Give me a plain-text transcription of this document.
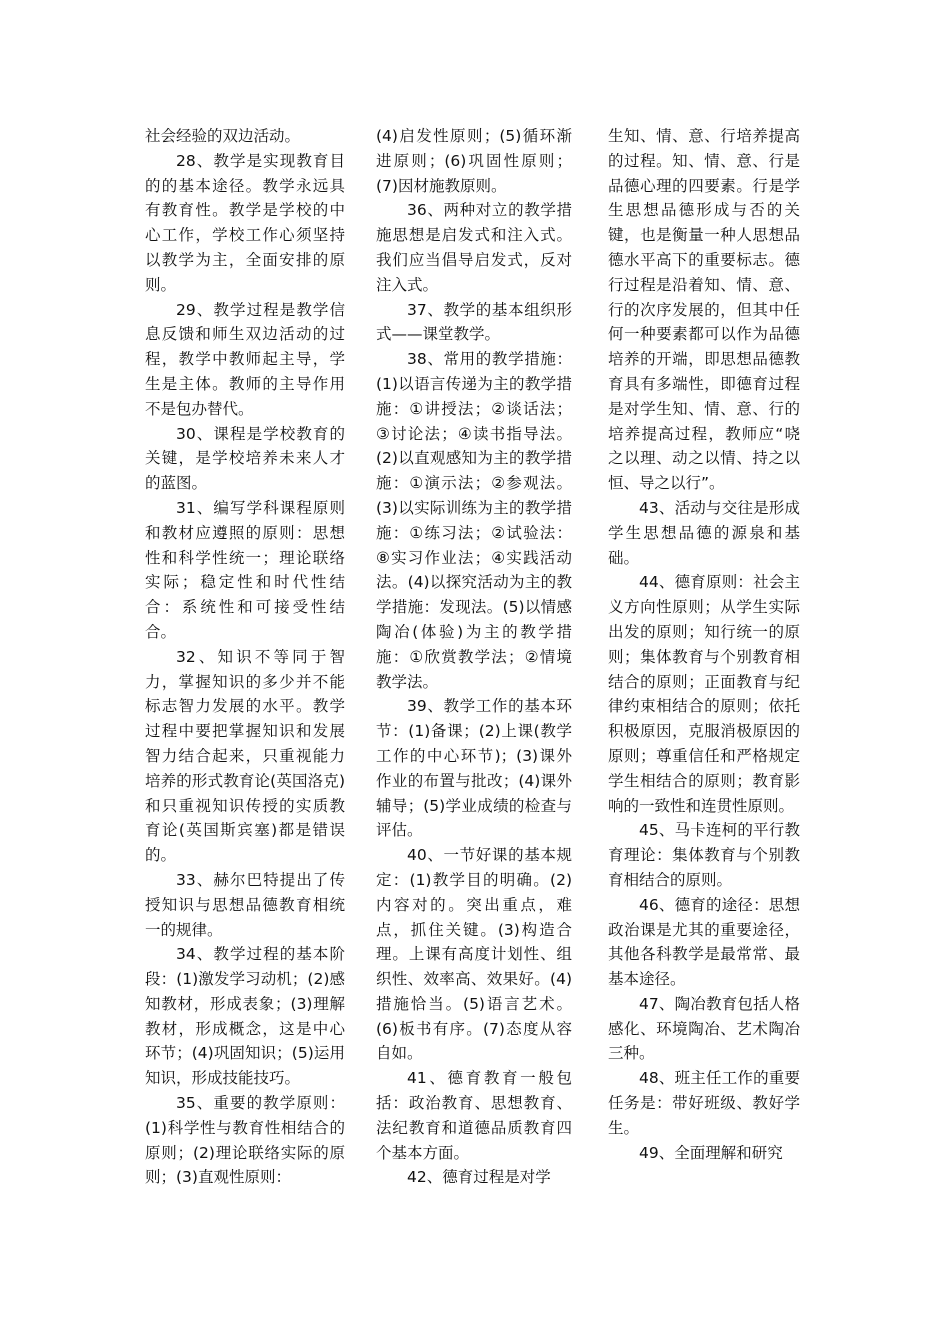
社会经验的双边活动。

28、教学是实现教育目的的基本途径。教学永远具有教育性。教学是学校的中心工作，学校工作心须坚持以教学为主，全面安排的原则。

29、教学过程是教学信息反馈和师生双边活动的过程，教学中教师起主导，学生是主体。教师的主导作用不是包办替代。

30、课程是学校教育的关键，是学校培养未来人才的蓝图。

31、编写学科课程原则和教材应遵照的原则：思想性和科学性统一；理论联络实际；稳定性和时代性结合：系统性和可接受性结合。

32、知识不等同于智力，掌握知识的多少并不能标志智力发展的水平。教学过程中要把掌握知识和发展智力结合起来，只重视能力培养的形式教育论(英国洛克)和只重视知识传授的实质教育论(英国斯宾塞)都是错误的。

33、赫尔巴特提出了传授知识与思想品德教育相统一的规律。

34、教学过程的基本阶段：(1)激发学习动机；(2)感知教材，形成表象；(3)理解教材，形成概念，这是中心环节；(4)巩固知识；(5)运用知识，形成技能技巧。

35、重要的教学原则：(1)科学性与教育性相结合的原则；(2)理论联络实际的原则；(3)直观性原则：

(4)启发性原则；(5)循环渐进原则；(6)巩固性原则；(7)因材施教原则。

36、两种对立的教学措施思想是启发式和注入式。我们应当倡导启发式，反对注入式。

37、教学的基本组织形式——课堂教学。

38、常用的教学措施：(1)以语言传递为主的教学措施：①讲授法；②谈话法；③讨论法；④读书指导法。(2)以直观感知为主的教学措施：①演示法；②参观法。(3)以实际训练为主的教学措施：①练习法；②试验法：⑧实习作业法；④实践活动法。(4)以探究活动为主的教学措施：发现法。(5)以情感陶冶(体验)为主的教学措施：①欣赏教学法；②情境教学法。

39、教学工作的基本环节：(1)备课；(2)上课(教学工作的中心环节)；(3)课外作业的布置与批改；(4)课外辅导；(5)学业成绩的检查与评估。

40、一节好课的基本规定：(1)教学目的明确。(2)内容对的。突出重点，难点，抓住关键。(3)构造合理。上课有高度计划性、组织性、效率高、效果好。(4)措施恰当。(5)语言艺术。(6)板书有序。(7)态度从容自如。

41、德育教育一般包括：政治教育、思想教育、法纪教育和道德品质教育四个基本方面。

42、德育过程是对学

生知、情、意、行培养提高的过程。知、情、意、行是品德心理的四要素。行是学生思想品德形成与否的关键，也是衡量一种人思想品德水平高下的重要标志。德行过程是沿着知、情、意、行的次序发展的，但其中任何一种要素都可以作为品德培养的开端，即思想品德教育具有多端性，即德育过程是对学生知、情、意、行的培养提高过程，教师应“哓之以理、动之以情、持之以恒、导之以行”。

43、活动与交往是形成学生思想品德的源泉和基础。

44、德育原则：社会主义方向性原则；从学生实际出发的原则；知行统一的原则；集体教育与个别教育相结合的原则；正面教育与纪律约束相结合的原则；依托积极原因，克服消极原因的原则；尊重信任和严格规定学生相结合的原则；教育影响的一致性和连贯性原则。

45、马卡连柯的平行教育理论：集体教育与个别教育相结合的原则。

46、德育的途径：思想政治课是尤其的重要途径，其他各科教学是最常常、最基本途径。

47、陶冶教育包括人格感化、环境陶冶、艺术陶冶三种。

48、班主任工作的重要任务是：带好班级、教好学生。

49、全面理解和研究
